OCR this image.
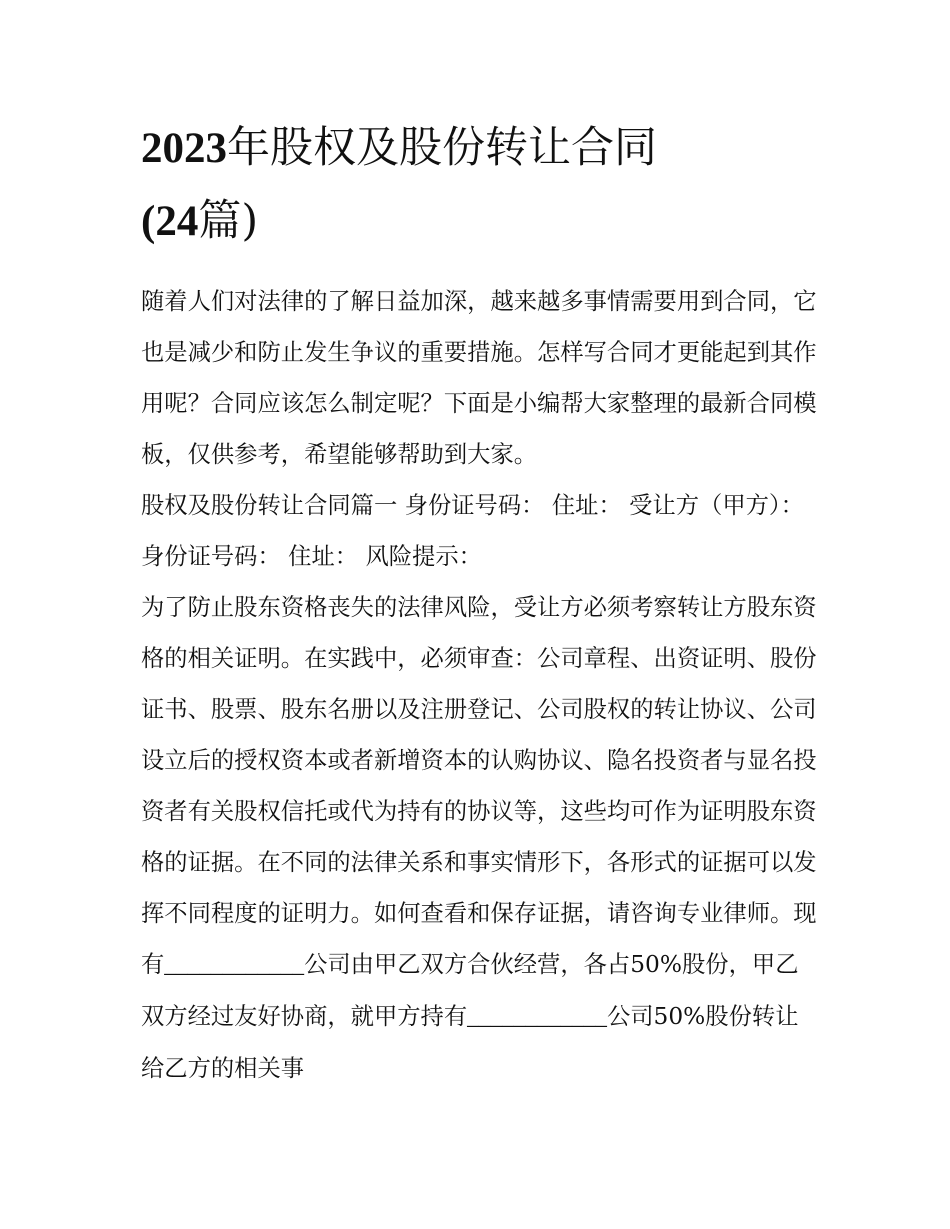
2023年股权及股份转让合同
(24篇)

随着人们对法律的了解日益加深，越来越多事情需要用到合同，它也是减少和防止发生争议的重要措施。怎样写合同才更能起到其作用呢？合同应该怎么制定呢？下面是小编帮大家整理的最新合同模板，仅供参考，希望能够帮助到大家。

股权及股份转让合同篇一 身份证号码： 住址： 受让方（甲方）： 身份证号码： 住址： 风险提示：

为了防止股东资格丧失的法律风险，受让方必须考察转让方股东资格的相关证明。在实践中，必须审查：公司章程、出资证明、股份证书、股票、股东名册以及注册登记、公司股权的转让协议、公司设立后的授权资本或者新增资本的认购协议、隐名投资者与显名投资者有关股权信托或代为持有的协议等，这些均可作为证明股东资格的证据。在不同的法律关系和事实情形下，各形式的证据可以发挥不同程度的证明力。如何查看和保存证据，请咨询专业律师。现有____________公司由甲乙双方合伙经营，各占50%股份，甲乙双方经过友好协商，就甲方持有____________公司50%股份转让给乙方的相关事
